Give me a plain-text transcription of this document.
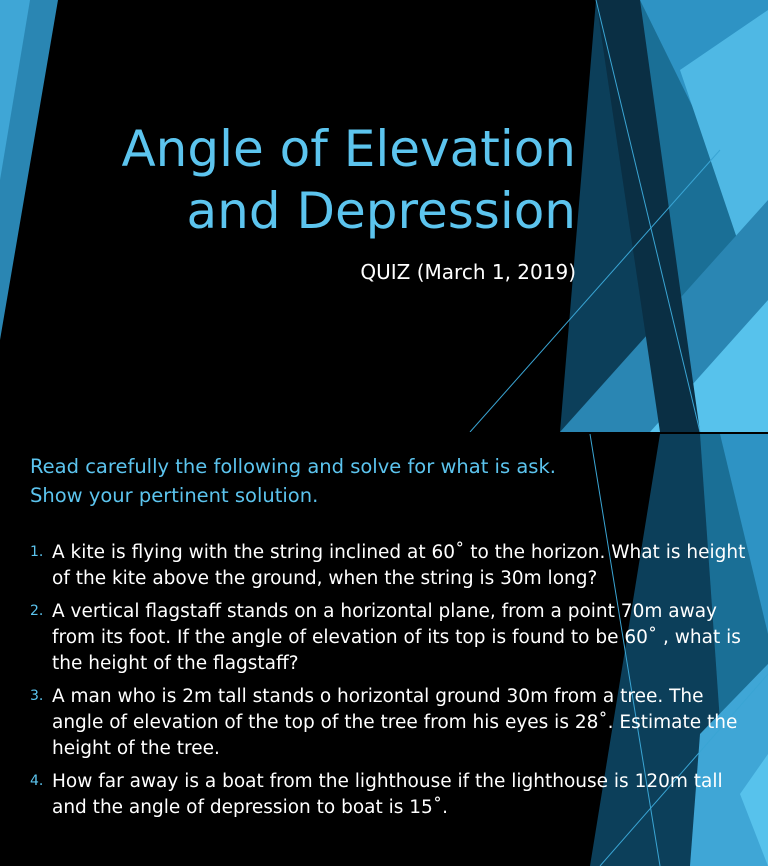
Angle of Elevation
and Depression

QUIZ (March 1, 2019)

Read carefully the following and solve for what is ask. Show your pertinent solution.

1. A kite is flying with the string inclined at 60˚ to the horizon. What is height of the kite above the ground, when the string is 30m long?
2. A vertical flagstaff stands on a horizontal plane, from a point 70m away from its foot. If the angle of elevation of its top is found to be 60˚ , what is the height of the flagstaff?
3. A man who is 2m tall stands o horizontal ground 30m from a tree. The angle of elevation of the top of the tree from his eyes is 28˚. Estimate the height of the tree.
4. How far away is a boat from the lighthouse if the lighthouse is 120m tall and the angle of depression to boat is 15˚.
